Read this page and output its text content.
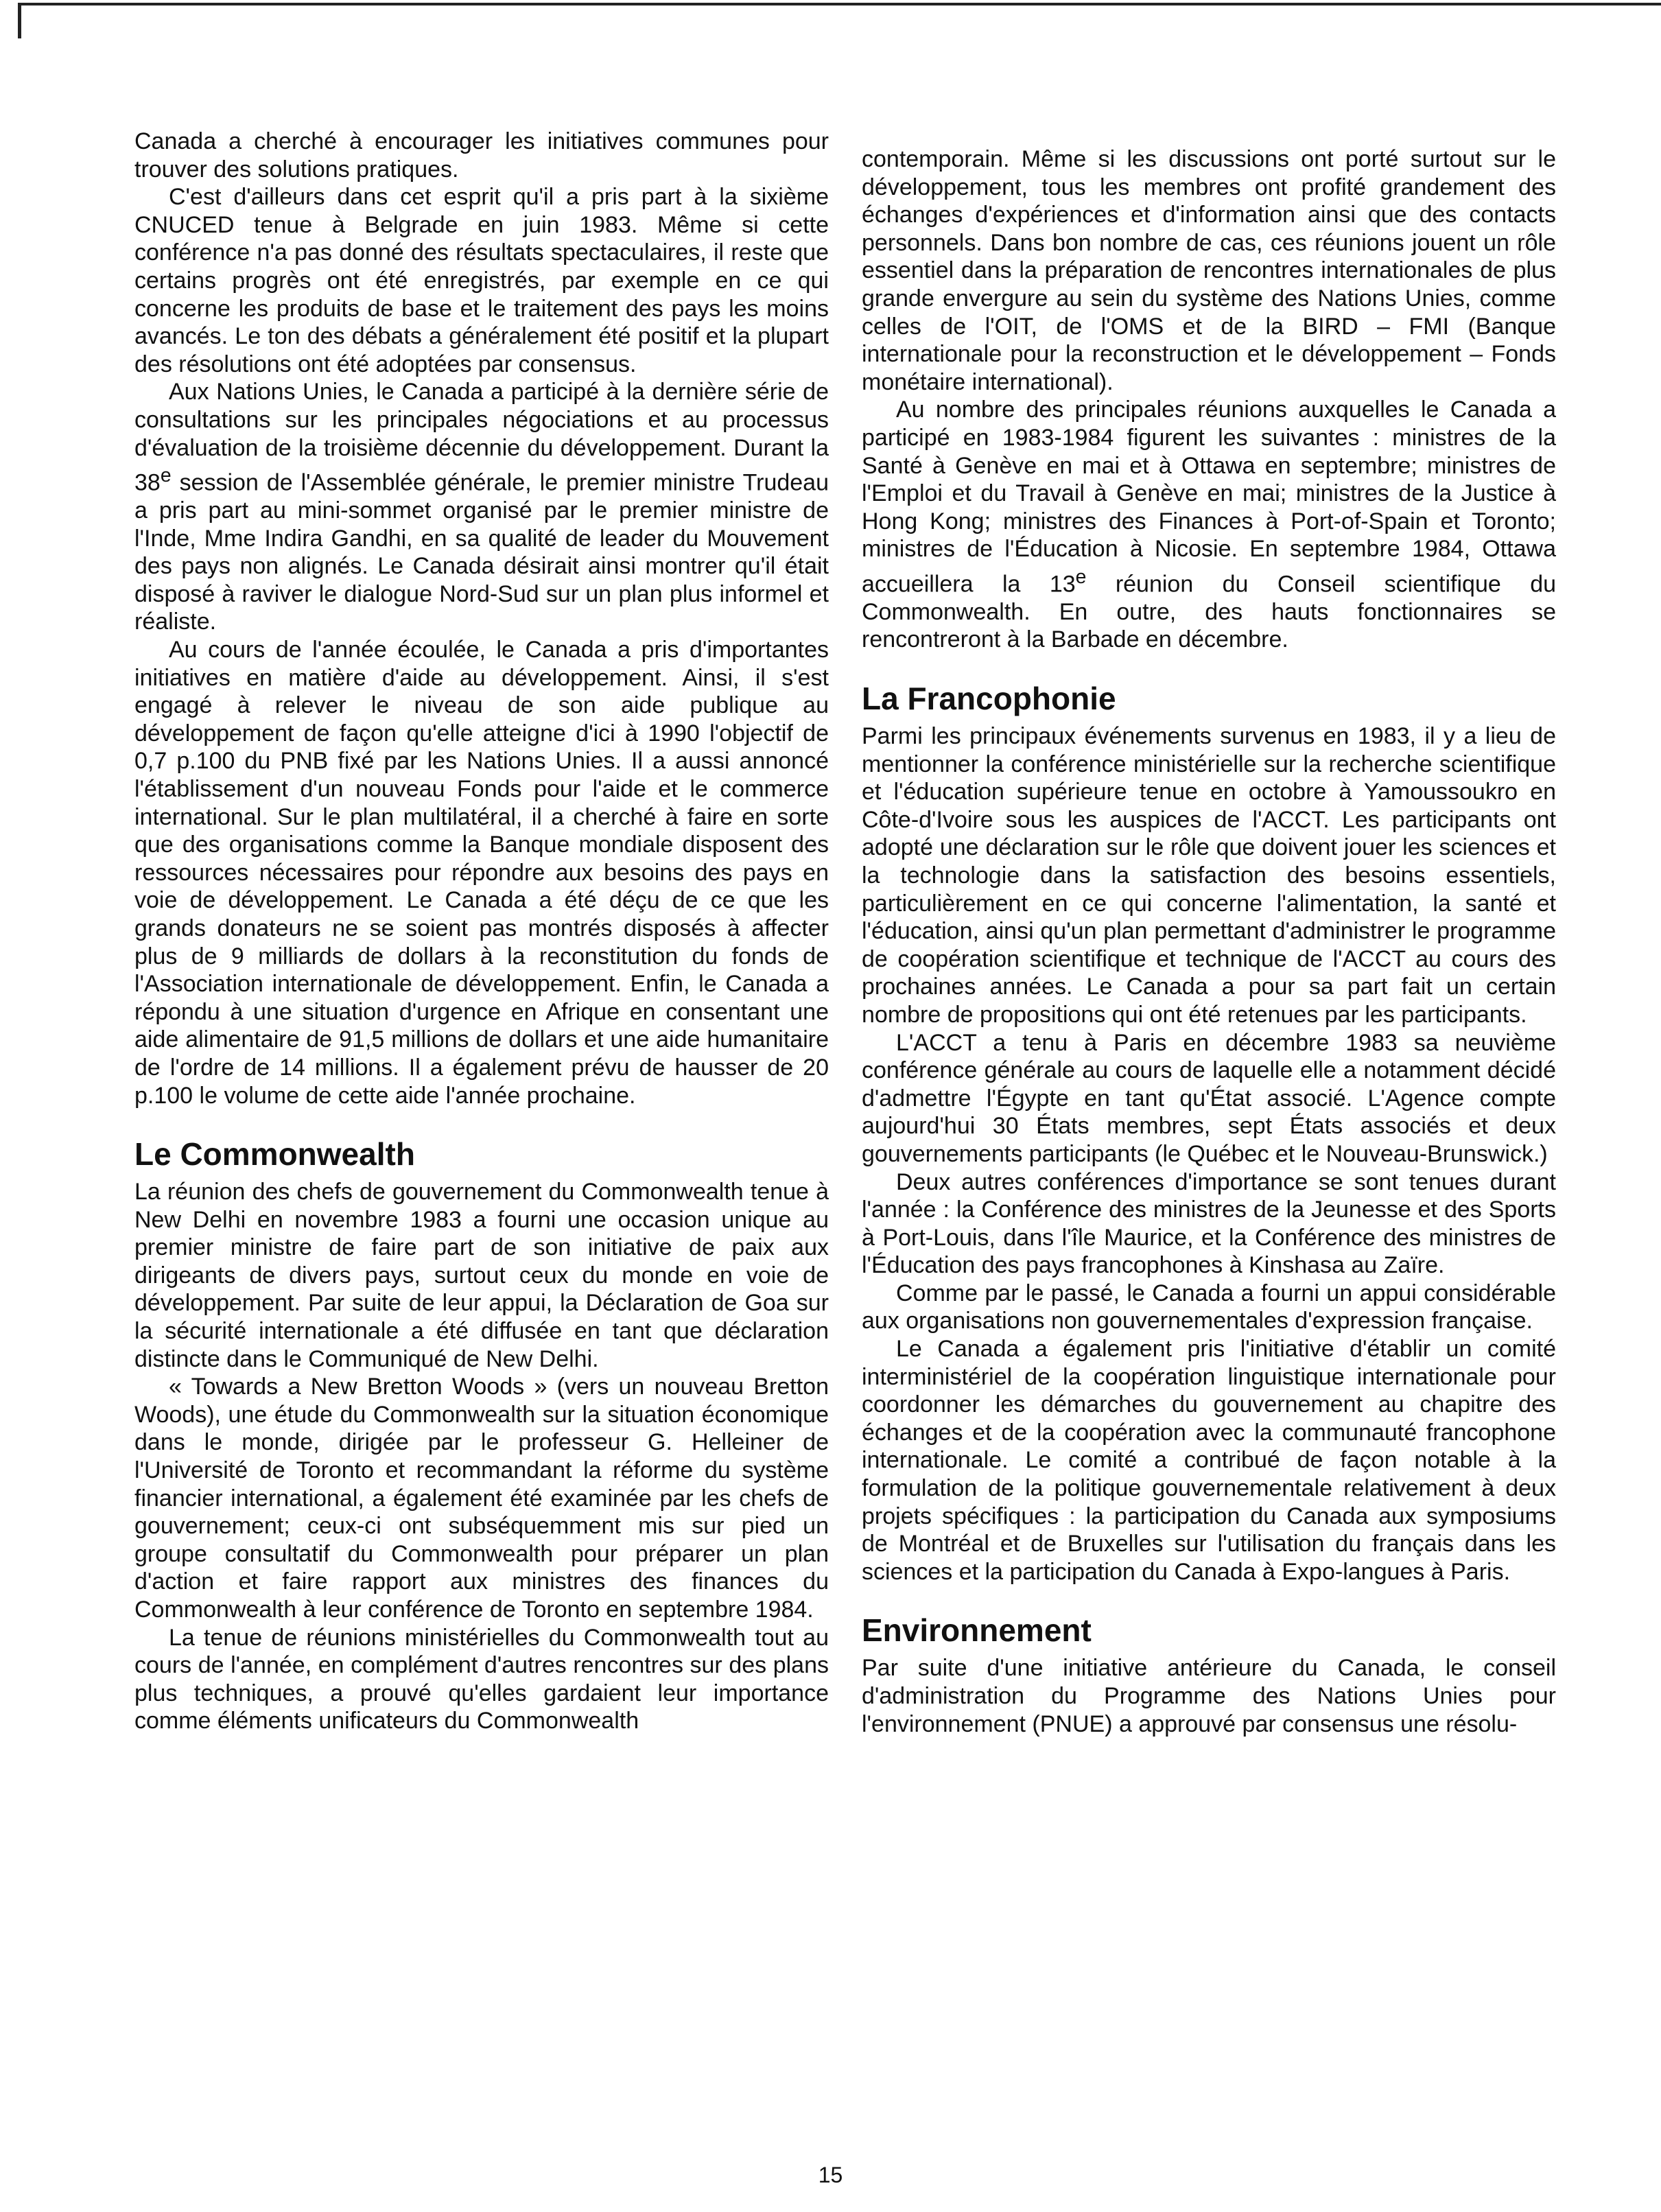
Canada a cherché à encourager les initiatives communes pour trouver des solutions pratiques.

C'est d'ailleurs dans cet esprit qu'il a pris part à la sixième CNUCED tenue à Belgrade en juin 1983. Même si cette conférence n'a pas donné des résultats spectaculaires, il reste que certains progrès ont été enregistrés, par exemple en ce qui concerne les produits de base et le traitement des pays les moins avancés. Le ton des débats a généralement été positif et la plupart des résolutions ont été adoptées par consensus.

Aux Nations Unies, le Canada a participé à la dernière série de consultations sur les principales négociations et au processus d'évaluation de la troisième décennie du développement. Durant la 38e session de l'Assemblée générale, le premier ministre Trudeau a pris part au mini-sommet organisé par le premier ministre de l'Inde, Mme Indira Gandhi, en sa qualité de leader du Mouvement des pays non alignés. Le Canada désirait ainsi montrer qu'il était disposé à raviver le dialogue Nord-Sud sur un plan plus informel et réaliste.

Au cours de l'année écoulée, le Canada a pris d'importantes initiatives en matière d'aide au développement. Ainsi, il s'est engagé à relever le niveau de son aide publique au développement de façon qu'elle atteigne d'ici à 1990 l'objectif de 0,7 p.100 du PNB fixé par les Nations Unies. Il a aussi annoncé l'établissement d'un nouveau Fonds pour l'aide et le commerce international. Sur le plan multilatéral, il a cherché à faire en sorte que des organisations comme la Banque mondiale disposent des ressources nécessaires pour répondre aux besoins des pays en voie de développement. Le Canada a été déçu de ce que les grands donateurs ne se soient pas montrés disposés à affecter plus de 9 milliards de dollars à la reconstitution du fonds de l'Association internationale de développement. Enfin, le Canada a répondu à une situation d'urgence en Afrique en consentant une aide alimentaire de 91,5 millions de dollars et une aide humanitaire de l'ordre de 14 millions. Il a également prévu de hausser de 20 p.100 le volume de cette aide l'année prochaine.

Le Commonwealth

La réunion des chefs de gouvernement du Commonwealth tenue à New Delhi en novembre 1983 a fourni une occasion unique au premier ministre de faire part de son initiative de paix aux dirigeants de divers pays, surtout ceux du monde en voie de développement. Par suite de leur appui, la Déclaration de Goa sur la sécurité internationale a été diffusée en tant que déclaration distincte dans le Communiqué de New Delhi.

« Towards a New Bretton Woods » (vers un nouveau Bretton Woods), une étude du Commonwealth sur la situation économique dans le monde, dirigée par le professeur G. Helleiner de l'Université de Toronto et recommandant la réforme du système financier international, a également été examinée par les chefs de gouvernement; ceux-ci ont subséquemment mis sur pied un groupe consultatif du Commonwealth pour préparer un plan d'action et faire rapport aux ministres des finances du Commonwealth à leur conférence de Toronto en septembre 1984.

La tenue de réunions ministérielles du Commonwealth tout au cours de l'année, en complément d'autres rencontres sur des plans plus techniques, a prouvé qu'elles gardaient leur importance comme éléments unificateurs du Commonwealth

contemporain. Même si les discussions ont porté surtout sur le développement, tous les membres ont profité grandement des échanges d'expériences et d'information ainsi que des contacts personnels. Dans bon nombre de cas, ces réunions jouent un rôle essentiel dans la préparation de rencontres internationales de plus grande envergure au sein du système des Nations Unies, comme celles de l'OIT, de l'OMS et de la BIRD – FMI (Banque internationale pour la reconstruction et le développement – Fonds monétaire international).

Au nombre des principales réunions auxquelles le Canada a participé en 1983-1984 figurent les suivantes : ministres de la Santé à Genève en mai et à Ottawa en septembre; ministres de l'Emploi et du Travail à Genève en mai; ministres de la Justice à Hong Kong; ministres des Finances à Port-of-Spain et Toronto; ministres de l'Éducation à Nicosie. En septembre 1984, Ottawa accueillera la 13e réunion du Conseil scientifique du Commonwealth. En outre, des hauts fonctionnaires se rencontreront à la Barbade en décembre.

La Francophonie

Parmi les principaux événements survenus en 1983, il y a lieu de mentionner la conférence ministérielle sur la recherche scientifique et l'éducation supérieure tenue en octobre à Yamoussoukro en Côte-d'Ivoire sous les auspices de l'ACCT. Les participants ont adopté une déclaration sur le rôle que doivent jouer les sciences et la technologie dans la satisfaction des besoins essentiels, particulièrement en ce qui concerne l'alimentation, la santé et l'éducation, ainsi qu'un plan permettant d'administrer le programme de coopération scientifique et technique de l'ACCT au cours des prochaines années. Le Canada a pour sa part fait un certain nombre de propositions qui ont été retenues par les participants.

L'ACCT a tenu à Paris en décembre 1983 sa neuvième conférence générale au cours de laquelle elle a notamment décidé d'admettre l'Égypte en tant qu'État associé. L'Agence compte aujourd'hui 30 États membres, sept États associés et deux gouvernements participants (le Québec et le Nouveau-Brunswick.)

Deux autres conférences d'importance se sont tenues durant l'année : la Conférence des ministres de la Jeunesse et des Sports à Port-Louis, dans l'île Maurice, et la Conférence des ministres de l'Éducation des pays francophones à Kinshasa au Zaïre.

Comme par le passé, le Canada a fourni un appui considérable aux organisations non gouvernementales d'expression française.

Le Canada a également pris l'initiative d'établir un comité interministériel de la coopération linguistique internationale pour coordonner les démarches du gouvernement au chapitre des échanges et de la coopération avec la communauté francophone internationale. Le comité a contribué de façon notable à la formulation de la politique gouvernementale relativement à deux projets spécifiques : la participation du Canada aux symposiums de Montréal et de Bruxelles sur l'utilisation du français dans les sciences et la participation du Canada à Expo-langues à Paris.

Environnement

Par suite d'une initiative antérieure du Canada, le conseil d'administration du Programme des Nations Unies pour l'environnement (PNUE) a approuvé par consensus une résolu-

15
